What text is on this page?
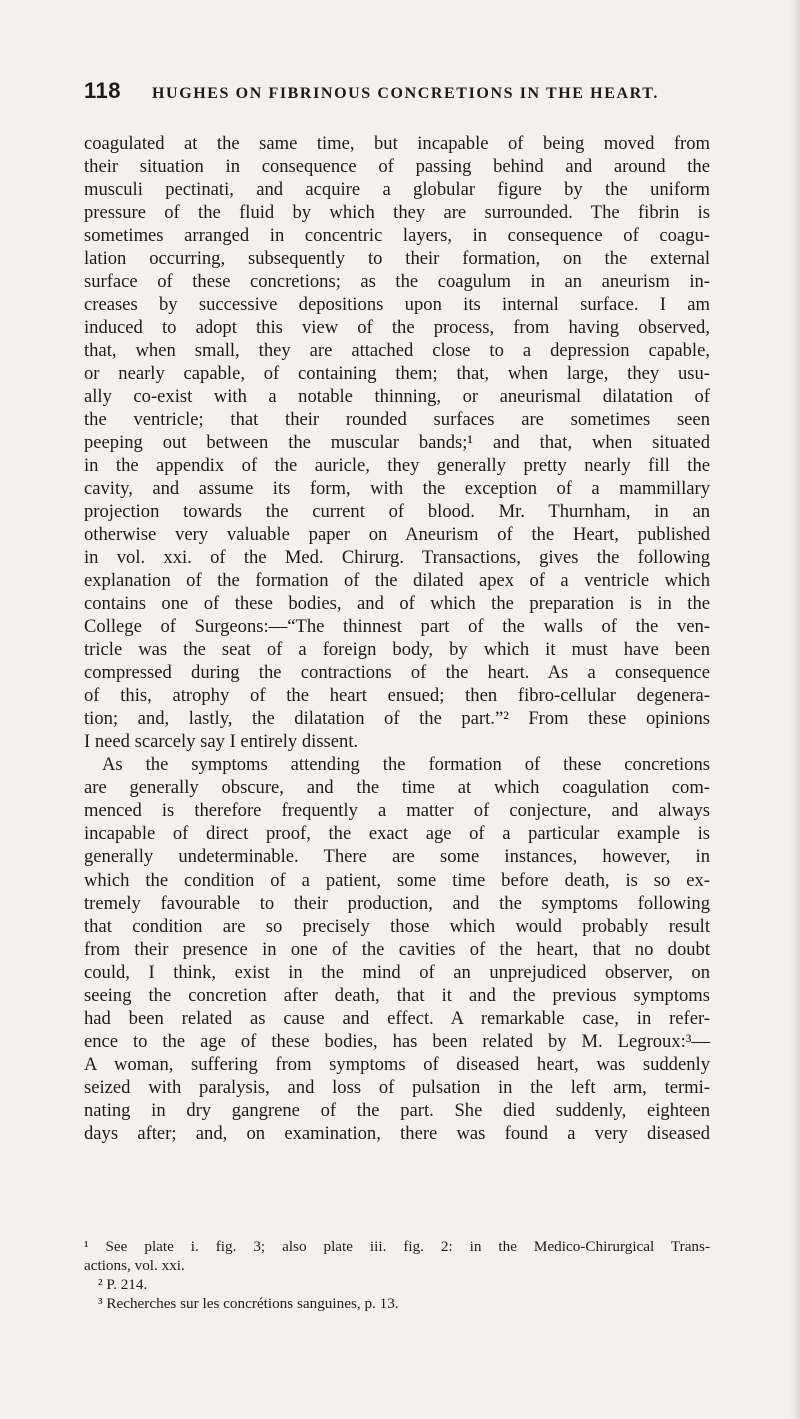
118 HUGHES ON FIBRINOUS CONCRETIONS IN THE HEART.
coagulated at the same time, but incapable of being moved from
their situation in consequence of passing behind and around the
musculi pectinati, and acquire a globular figure by the uniform
pressure of the fluid by which they are surrounded. The fibrin is
sometimes arranged in concentric layers, in consequence of coagu-
lation occurring, subsequently to their formation, on the external
surface of these concretions; as the coagulum in an aneurism in-
creases by successive depositions upon its internal surface. I am
induced to adopt this view of the process, from having observed,
that, when small, they are attached close to a depression capable,
or nearly capable, of containing them; that, when large, they usu-
ally co-exist with a notable thinning, or aneurismal dilatation of
the ventricle; that their rounded surfaces are sometimes seen
peeping out between the muscular bands;¹ and that, when situated
in the appendix of the auricle, they generally pretty nearly fill the
cavity, and assume its form, with the exception of a mammillary
projection towards the current of blood. Mr. Thurnham, in an
otherwise very valuable paper on Aneurism of the Heart, published
in vol. xxi. of the Med. Chirurg. Transactions, gives the following
explanation of the formation of the dilated apex of a ventricle which
contains one of these bodies, and of which the preparation is in the
College of Surgeons:—“The thinnest part of the walls of the ven-
tricle was the seat of a foreign body, by which it must have been
compressed during the contractions of the heart. As a consequence
of this, atrophy of the heart ensued; then fibro-cellular degenera-
tion; and, lastly, the dilatation of the part.”² From these opinions
I need scarcely say I entirely dissent.
As the symptoms attending the formation of these concretions
are generally obscure, and the time at which coagulation com-
menced is therefore frequently a matter of conjecture, and always
incapable of direct proof, the exact age of a particular example is
generally undeterminable. There are some instances, however, in
which the condition of a patient, some time before death, is so ex-
tremely favourable to their production, and the symptoms following
that condition are so precisely those which would probably result
from their presence in one of the cavities of the heart, that no doubt
could, I think, exist in the mind of an unprejudiced observer, on
seeing the concretion after death, that it and the previous symptoms
had been related as cause and effect. A remarkable case, in refer-
ence to the age of these bodies, has been related by M. Legroux:³—
A woman, suffering from symptoms of diseased heart, was suddenly
seized with paralysis, and loss of pulsation in the left arm, termi-
nating in dry gangrene of the part. She died suddenly, eighteen
days after; and, on examination, there was found a very diseased
¹ See plate i. fig. 3; also plate iii. fig. 2: in the Medico-Chirurgical Trans-
actions, vol. xxi.
² P. 214.
³ Recherches sur les concrétions sanguines, p. 13.
